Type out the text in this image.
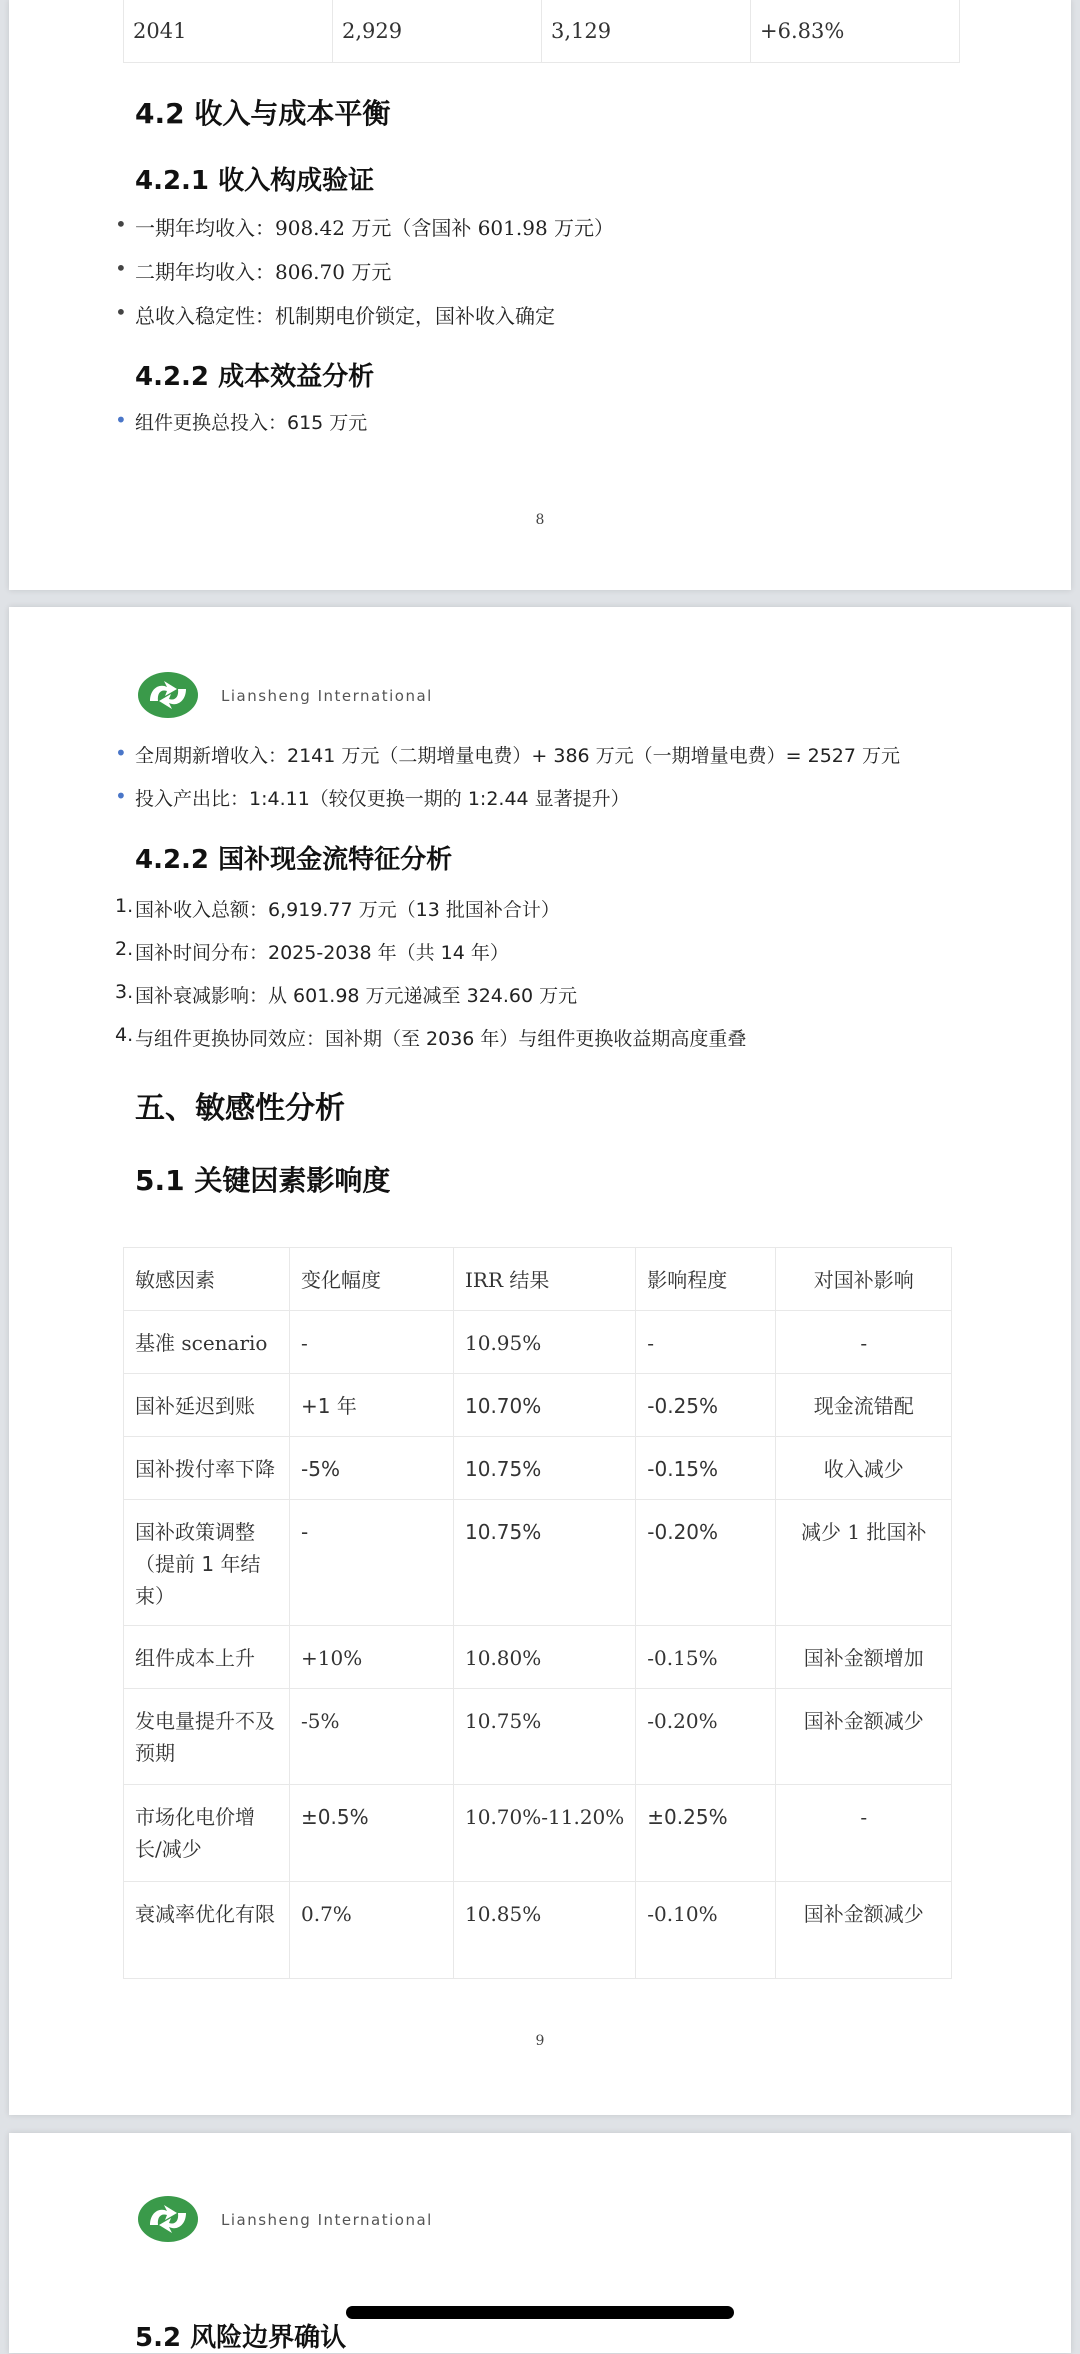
2041	2,929	3,129	+6.83%
4.2 收入与成本平衡
4.2.1 收入构成验证
• 一期年均收入：908.42 万元（含国补 601.98 万元）
• 二期年均收入：806.70 万元
• 总收入稳定性：机制期电价锁定，国补收入确定
4.2.2 成本效益分析
• 组件更换总投入：615 万元
8
Liansheng International
• 全周期新增收入：2141 万元（二期增量电费）+ 386 万元（一期增量电费）= 2527 万元
• 投入产出比：1:4.11（较仅更换一期的 1:2.44 显著提升）
4.2.2 国补现金流特征分析
1. 国补收入总额：6,919.77 万元（13 批国补合计）
2. 国补时间分布：2025-2038 年（共 14 年）
3. 国补衰减影响：从 601.98 万元递减至 324.60 万元
4. 与组件更换协同效应：国补期（至 2036 年）与组件更换收益期高度重叠
五、敏感性分析
5.1 关键因素影响度
敏感因素	变化幅度	IRR 结果	影响程度	对国补影响
基准 scenario	-	10.95%	-	-
国补延迟到账	+1 年	10.70%	-0.25%	现金流错配
国补拨付率下降	-5%	10.75%	-0.15%	收入减少
国补政策调整（提前 1 年结束）	-	10.75%	-0.20%	减少 1 批国补
组件成本上升	+10%	10.80%	-0.15%	国补金额增加
发电量提升不及预期	-5%	10.75%	-0.20%	国补金额减少
市场化电价增长/减少	±0.5%	10.70%-11.20%	±0.25%	-
衰减率优化有限	0.7%	10.85%	-0.10%	国补金额减少
9
Liansheng International
5.2 风险边界确认
